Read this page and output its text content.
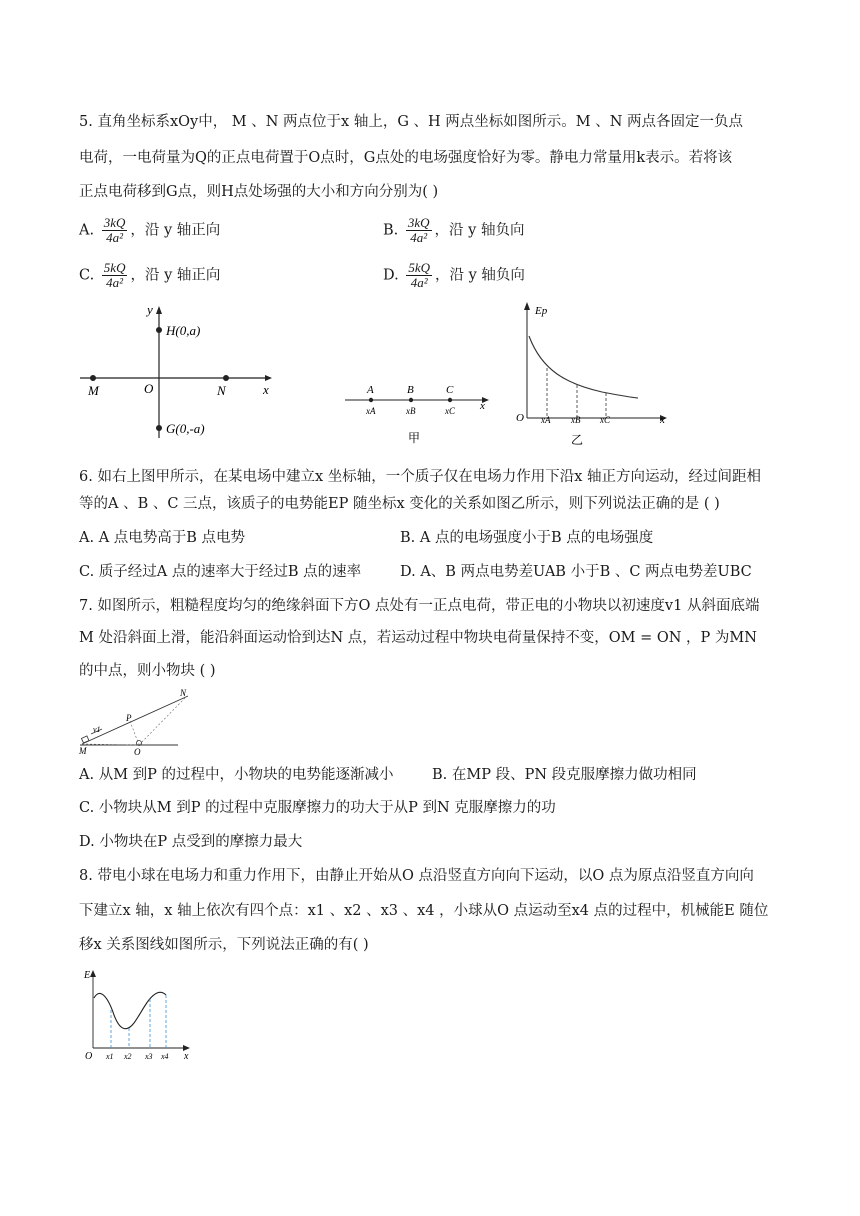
5. 直角坐标系xOy中， M 、N 两点位于x 轴上，G 、H 两点坐标如图所示。M 、N 两点各固定一负点
电荷，一电荷量为Q的正点电荷置于O点时，G点处的电场强度恰好为零。静电力常量用k表示。若将该
正点电荷移到G点，则H点处场强的大小和方向分别为( )
A. $\frac{3kQ}{\text{4a²}}$ ，沿 y 轴正向	B. $\frac{3kQ}{\text{4a²}}$ ，沿 y 轴负向
C. $\frac{5kQ}{\text{4a²}}$ ，沿 y 轴正向	D. $\frac{5kQ}{\text{4a²}}$ ，沿 y 轴负向
y
x
H(0,a)
G(0,-a)
M	O	N	A	B	C
xA	xB	xC x
甲
Ep
O xA xB xC	x
乙
6. 如右上图甲所示，在某电场中建立x 坐标轴，一个质子仅在电场力作用下沿x 轴正方向运动，经过间距相
等的A 、B 、C 三点，该质子的电势能EP 随坐标x 变化的关系如图乙所示，则下列说法正确的是 ( )
A. A 点电势高于B 点电势	B. A 点的电场强度小于B 点的电场强度
C. 质子经过A 点的速率大于经过B 点的速率	D. A、B 两点电势差UAB 小于B 、C 两点电势差UBC
7. 如图所示，粗糙程度均匀的绝缘斜面下方O 点处有一正点电荷，带正电的小物块以初速度v1 从斜面底端
M 处沿斜面上滑，能沿斜面运动恰到达N 点，若运动过程中物块电荷量保持不变，OM = ON ，P 为MN
的中点，则小物块 ( )
v1
N
P
M	O
A. 从M 到P 的过程中，小物块的电势能逐渐减小	B. 在MP 段、PN 段克服摩擦力做功相同
C. 小物块从M 到P 的过程中克服摩擦力的功大于从P 到N 克服摩擦力的功
D. 小物块在P 点受到的摩擦力最大
8. 带电小球在电场力和重力作用下，由静止开始从O 点沿竖直方向向下运动，以O 点为原点沿竖直方向向
下建立x 轴，x 轴上依次有四个点：x1 、x2 、x3 、x4 ，小球从O 点运动至x4 点的过程中，机械能E 随位
移x 关系图线如图所示，下列说法正确的有( )
E
O x1 x2 x3 x4 x
